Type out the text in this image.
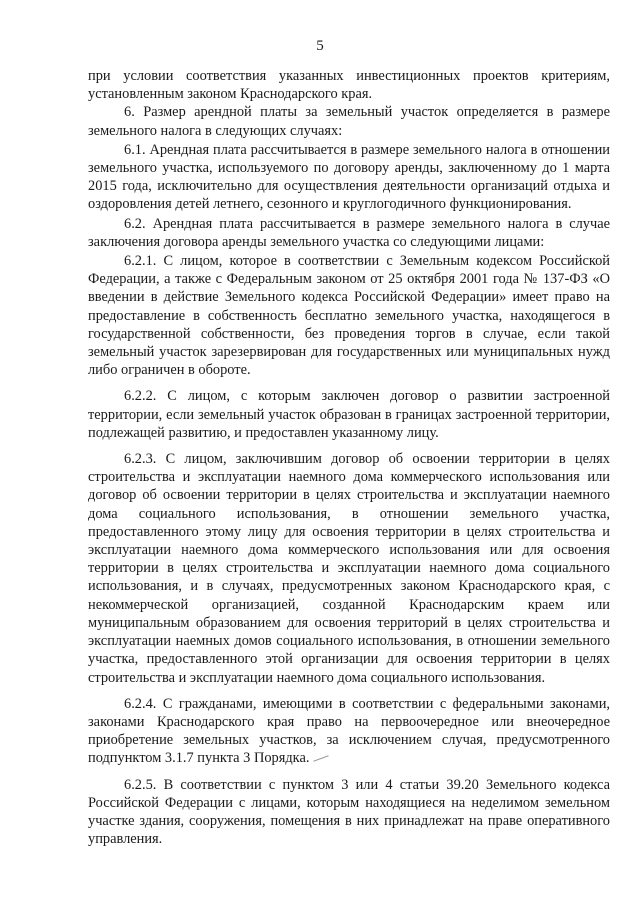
5

при условии соответствия указанных инвестиционных проектов критериям, установленным законом Краснодарского края.

6. Размер арендной платы за земельный участок определяется в размере земельного налога в следующих случаях:

6.1. Арендная плата рассчитывается в размере земельного налога в отношении земельного участка, используемого по договору аренды, заключенному до 1 марта 2015 года, исключительно для осуществления деятельности организаций отдыха и оздоровления детей летнего, сезонного и круглогодичного функционирования.

6.2. Арендная плата рассчитывается в размере земельного налога в случае заключения договора аренды земельного участка со следующими лицами:

6.2.1. С лицом, которое в соответствии с Земельным кодексом Российской Федерации, а также с Федеральным законом от 25 октября 2001 года № 137-ФЗ «О введении в действие Земельного кодекса Российской Федерации» имеет право на предоставление в собственность бесплатно земельного участка, находящегося в государственной собственности, без проведения торгов в случае, если такой земельный участок зарезервирован для государственных или муниципальных нужд либо ограничен в обороте.

6.2.2. С лицом, с которым заключен договор о развитии застроенной территории, если земельный участок образован в границах застроенной территории, подлежащей развитию, и предоставлен указанному лицу.

6.2.3. С лицом, заключившим договор об освоении территории в целях строительства и эксплуатации наемного дома коммерческого использования или договор об освоении территории в целях строительства и эксплуатации наемного дома социального использования, в отношении земельного участка, предоставленного этому лицу для освоения территории в целях строительства и эксплуатации наемного дома коммерческого использования или для освоения территории в целях строительства и эксплуатации наемного дома социального использования, и в случаях, предусмотренных законом Краснодарского края, с некоммерческой организацией, созданной Краснодарским краем или муниципальным образованием для освоения территорий в целях строительства и эксплуатации наемных домов социального использования, в отношении земельного участка, предоставленного этой организации для освоения территории в целях строительства и эксплуатации наемного дома социального использования.

6.2.4. С гражданами, имеющими в соответствии с федеральными законами, законами Краснодарского края право на первоочередное или внеочередное приобретение земельных участков, за исключением случая, предусмотренного подпунктом 3.1.7 пункта 3 Порядка.

6.2.5. В соответствии с пунктом 3 или 4 статьи 39.20 Земельного кодекса Российской Федерации с лицами, которым находящиеся на неделимом земельном участке здания, сооружения, помещения в них принадлежат на праве оперативного управления.
